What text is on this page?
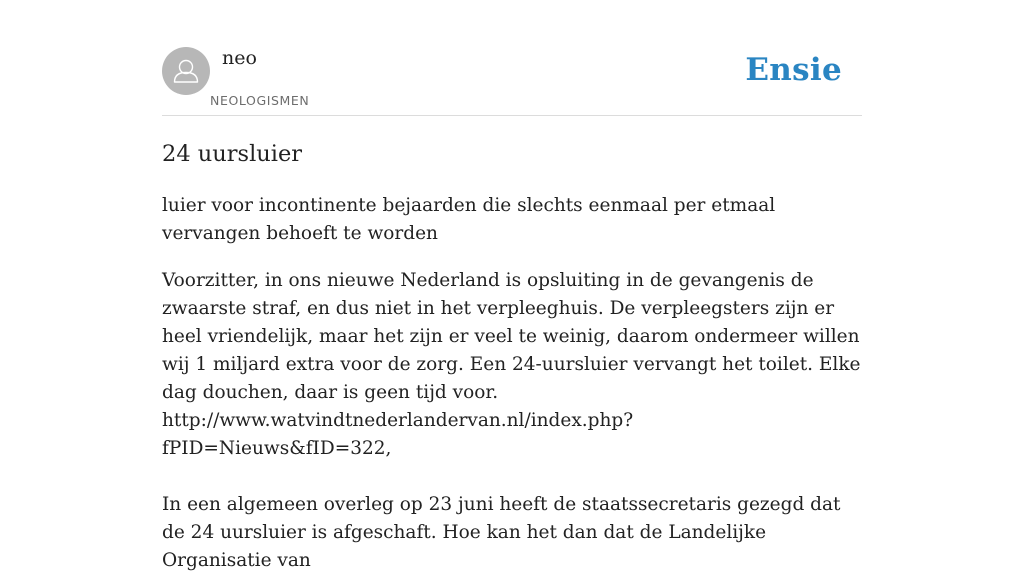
neo
NEOLOGISMEN
Ensie
24 uursluier

luier voor incontinente bejaarden die slechts eenmaal per etmaal vervangen behoeft te worden

Voorzitter, in ons nieuwe Nederland is opsluiting in de gevangenis de zwaarste straf, en dus niet in het verpleeghuis. De verpleegsters zijn er heel vriendelijk, maar het zijn er veel te weinig, daarom ondermeer willen wij 1 miljard extra voor de zorg. Een 24-uursluier vervangt het toilet. Elke dag douchen, daar is geen tijd voor.

http://www.watvindtnederlandervan.nl/index.php?fPID=Nieuws&fID=322,

In een algemeen overleg op 23 juni heeft de staatssecretaris gezegd dat de 24 uursluier is afgeschaft. Hoe kan het dan dat de Landelijke Organisatie van
